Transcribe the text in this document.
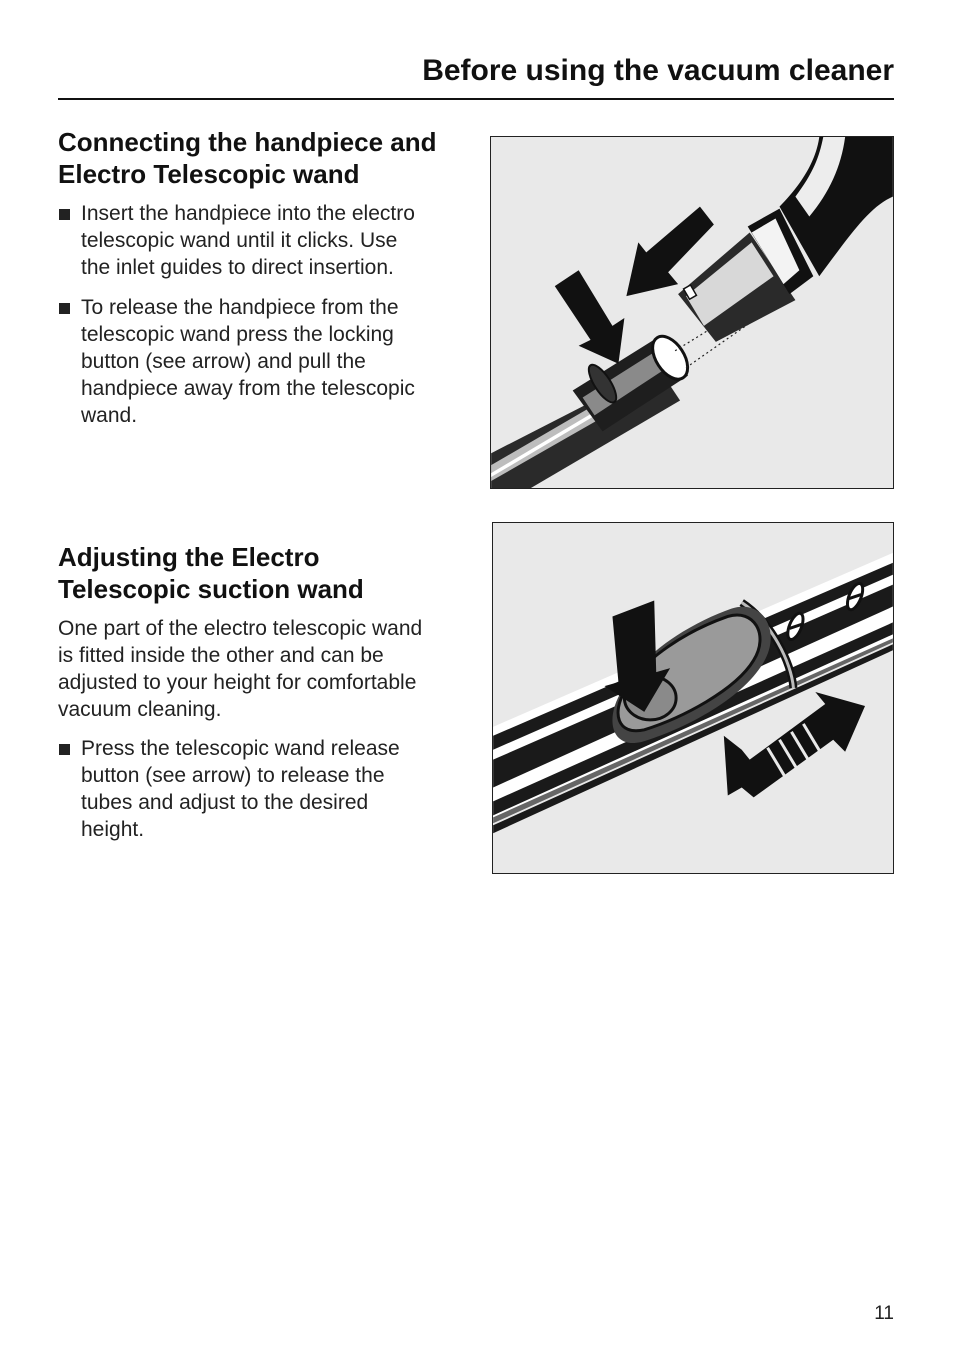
Before using the vacuum cleaner
Connecting the handpiece and
Electro Telescopic wand
Insert the handpiece into the electro
telescopic wand until it clicks. Use
the inlet guides to direct insertion.
To release the handpiece from the
telescopic wand press the locking
button (see arrow) and pull the
handpiece away from the telescopic
wand.
Adjusting the Electro
Telescopic suction wand

One part of the electro telescopic wand
is fitted inside the other and can be
adjusted to your height for comfortable
vacuum cleaning.

Press the telescopic wand release
button (see arrow) to release the
tubes and adjust to the desired
height.
11
